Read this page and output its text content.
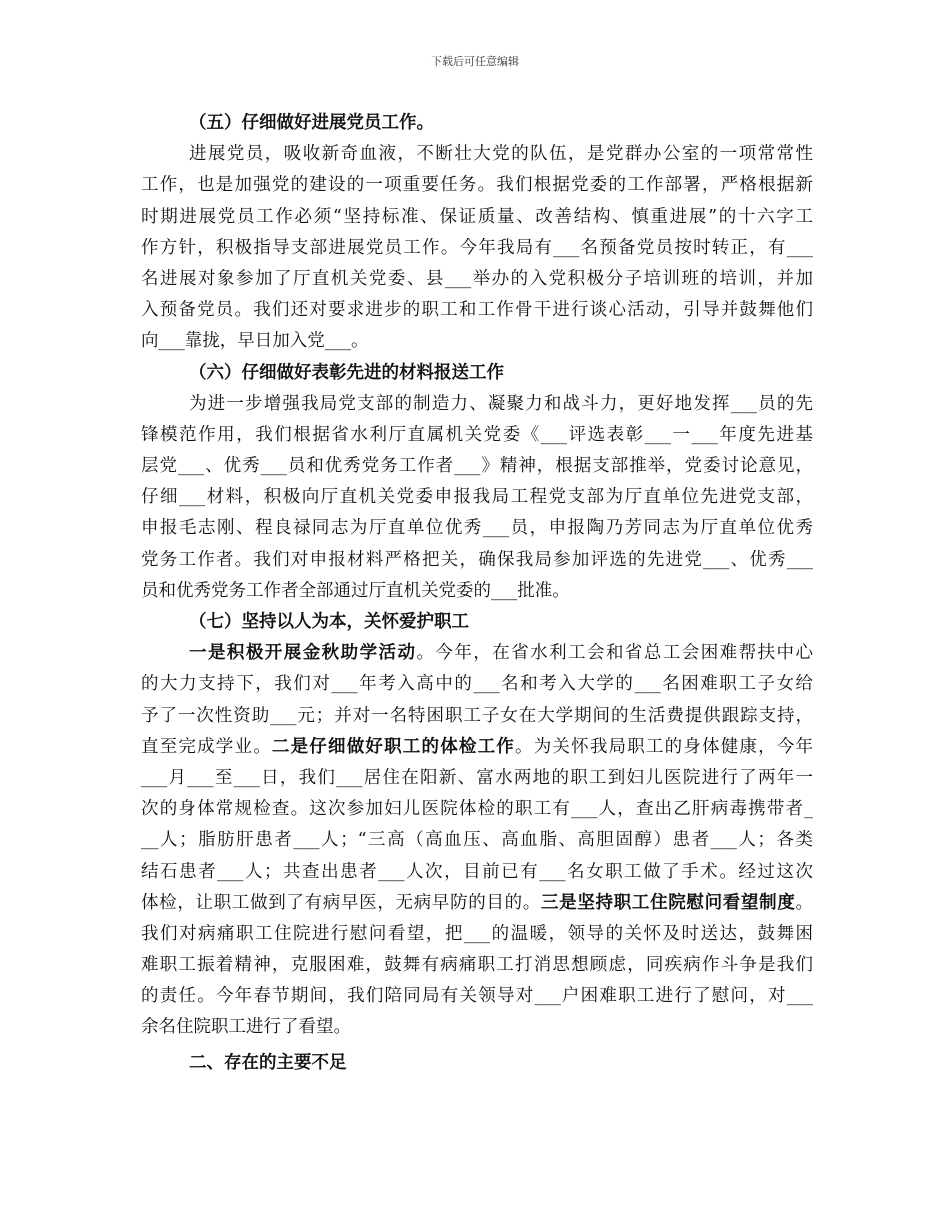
下载后可任意编辑
（五）仔细做好进展党员工作。
进展党员，吸收新奇血液，不断壮大党的队伍，是党群办公室的一项常常性
工作，也是加强党的建设的一项重要任务。我们根据党委的工作部署，严格根据新
时期进展党员工作必须“坚持标准、保证质量、改善结构、慎重进展”的十六字工
作方针，积极指导支部进展党员工作。今年我局有___名预备党员按时转正，有___
名进展对象参加了厅直机关党委、县___举办的入党积极分子培训班的培训，并加
入预备党员。我们还对要求进步的职工和工作骨干进行谈心活动，引导并鼓舞他们
向___靠拢，早日加入党___。
（六）仔细做好表彰先进的材料报送工作
为进一步增强我局党支部的制造力、凝聚力和战斗力，更好地发挥___员的先
锋模范作用，我们根据省水利厅直属机关党委《___评选表彰___一___年度先进基
层党___、优秀___员和优秀党务工作者___》精神，根据支部推举，党委讨论意见，
仔细___材料，积极向厅直机关党委申报我局工程党支部为厅直单位先进党支部，
申报毛志刚、程良禄同志为厅直单位优秀___员，申报陶乃芳同志为厅直单位优秀
党务工作者。我们对申报材料严格把关，确保我局参加评选的先进党___、优秀___
员和优秀党务工作者全部通过厅直机关党委的___批准。
（七）坚持以人为本，关怀爱护职工
一是积极开展金秋助学活动。今年，在省水利工会和省总工会困难帮扶中心
的大力支持下，我们对___年考入高中的___名和考入大学的___名困难职工子女给
予了一次性资助___元；并对一名特困职工子女在大学期间的生活费提供跟踪支持，
直至完成学业。二是仔细做好职工的体检工作。为关怀我局职工的身体健康，今年
___月___至___日，我们___居住在阳新、富水两地的职工到妇儿医院进行了两年一
次的身体常规检查。这次参加妇儿医院体检的职工有___人，查出乙肝病毒携带者_
__人；脂肪肝患者___人；“三高（高血压、高血脂、高胆固醇）患者___人；各类
结石患者___人；共查出患者___人次，目前已有___名女职工做了手术。经过这次
体检，让职工做到了有病早医，无病早防的目的。三是坚持职工住院慰问看望制度。
我们对病痛职工住院进行慰问看望，把___的温暖，领导的关怀及时送达，鼓舞困
难职工振着精神，克服困难，鼓舞有病痛职工打消思想顾虑，同疾病作斗争是我们
的责任。今年春节期间，我们陪同局有关领导对___户困难职工进行了慰问，对___
余名住院职工进行了看望。
二、存在的主要不足
